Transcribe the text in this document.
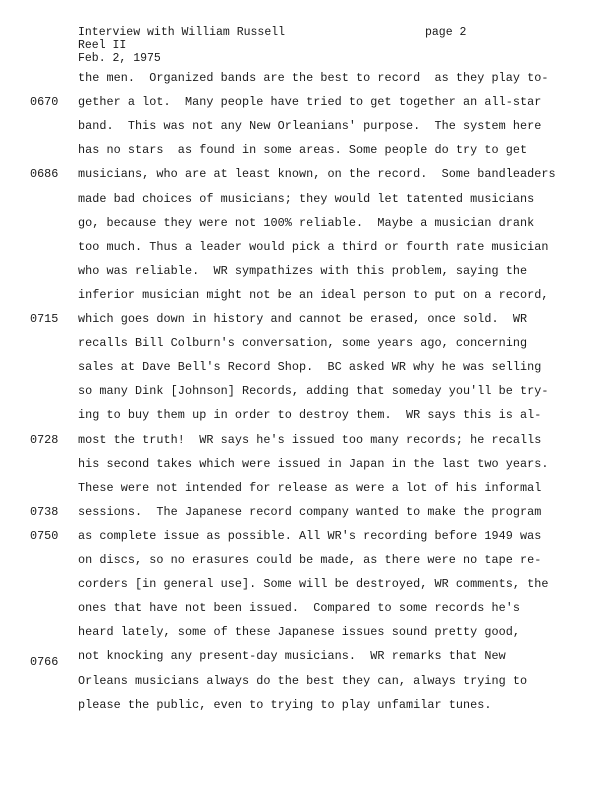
Interview with William Russell	page 2
Reel II
Feb. 2, 1975
the men.  Organized bands are the best to record  as they play to-
gether a lot.  Many people have tried to get together an all-star
band.  This was not any New Orleanians' purpose.  The system here
has no stars  as found in some areas. Some people do try to get
musicians, who are at least known, on the record.  Some bandleaders
made bad choices of musicians; they would let tatented musicians
go, because they were not 100% reliable.  Maybe a musician drank
too much. Thus a leader would pick a third or fourth rate musician
who was reliable.  WR sympathizes with this problem, saying the
inferior musician might not be an ideal person to put on a record,
which goes down in history and cannot be erased, once sold.  WR
recalls Bill Colburn's conversation, some years ago, concerning
sales at Dave Bell's Record Shop.  BC asked WR why he was selling
so many Dink [Johnson] Records, adding that someday you'll be try-
ing to buy them up in order to destroy them.  WR says this is al-
most the truth!  WR says he's issued too many records; he recalls
his second takes which were issued in Japan in the last two years.
These were not intended for release as were a lot of his informal
sessions.  The Japanese record company wanted to make the program
as complete issue as possible. All WR's recording before 1949 was
on discs, so no erasures could be made, as there were no tape re-
corders [in general use]. Some will be destroyed, WR comments, the
ones that have not been issued.  Compared to some records he's
heard lately, some of these Japanese issues sound pretty good,
not knocking any present-day musicians.  WR remarks that New
Orleans musicians always do the best they can, always trying to
please the public, even to trying to play unfamilar tunes.
0670
0686
0715
0728
0738
0750
0766
